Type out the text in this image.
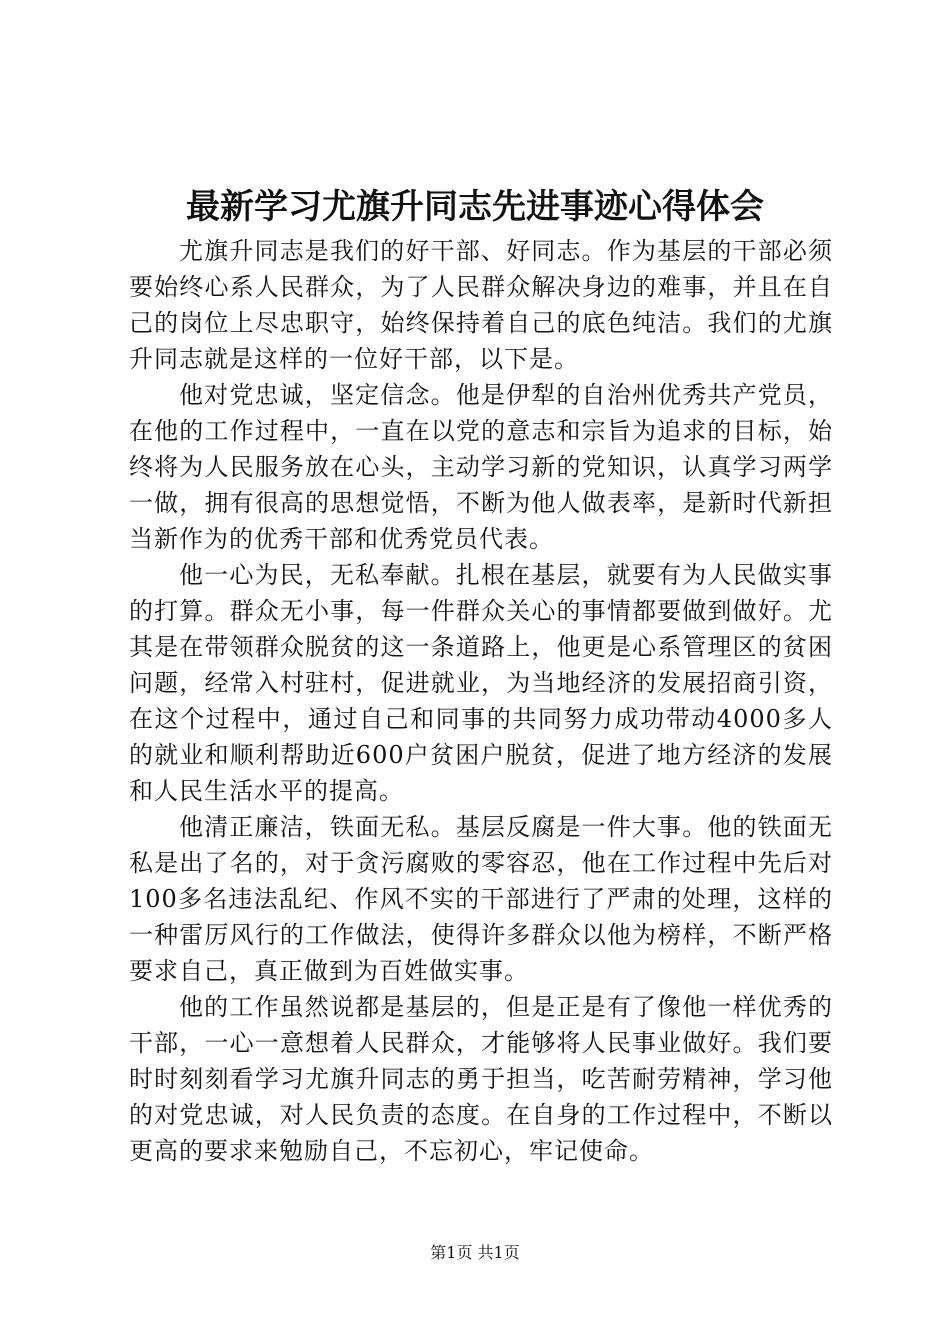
最新学习尤旗升同志先进事迹心得体会

尤旗升同志是我们的好干部、好同志。作为基层的干部必须要始终心系人民群众，为了人民群众解决身边的难事，并且在自己的岗位上尽忠职守，始终保持着自己的底色纯洁。我们的尤旗升同志就是这样的一位好干部，以下是。

他对党忠诚，坚定信念。他是伊犁的自治州优秀共产党员，在他的工作过程中，一直在以党的意志和宗旨为追求的目标，始终将为人民服务放在心头，主动学习新的党知识，认真学习两学一做，拥有很高的思想觉悟，不断为他人做表率，是新时代新担当新作为的优秀干部和优秀党员代表。

他一心为民，无私奉献。扎根在基层，就要有为人民做实事的打算。群众无小事，每一件群众关心的事情都要做到做好。尤其是在带领群众脱贫的这一条道路上，他更是心系管理区的贫困问题，经常入村驻村，促进就业，为当地经济的发展招商引资，在这个过程中，通过自己和同事的共同努力成功带动4000多人的就业和顺利帮助近600户贫困户脱贫，促进了地方经济的发展和人民生活水平的提高。

他清正廉洁，铁面无私。基层反腐是一件大事。他的铁面无私是出了名的，对于贪污腐败的零容忍，他在工作过程中先后对100多名违法乱纪、作风不实的干部进行了严肃的处理，这样的一种雷厉风行的工作做法，使得许多群众以他为榜样，不断严格要求自己，真正做到为百姓做实事。

他的工作虽然说都是基层的，但是正是有了像他一样优秀的干部，一心一意想着人民群众，才能够将人民事业做好。我们要时时刻刻看学习尤旗升同志的勇于担当，吃苦耐劳精神，学习他的对党忠诚，对人民负责的态度。在自身的工作过程中，不断以更高的要求来勉励自己，不忘初心，牢记使命。

第1页 共1页
